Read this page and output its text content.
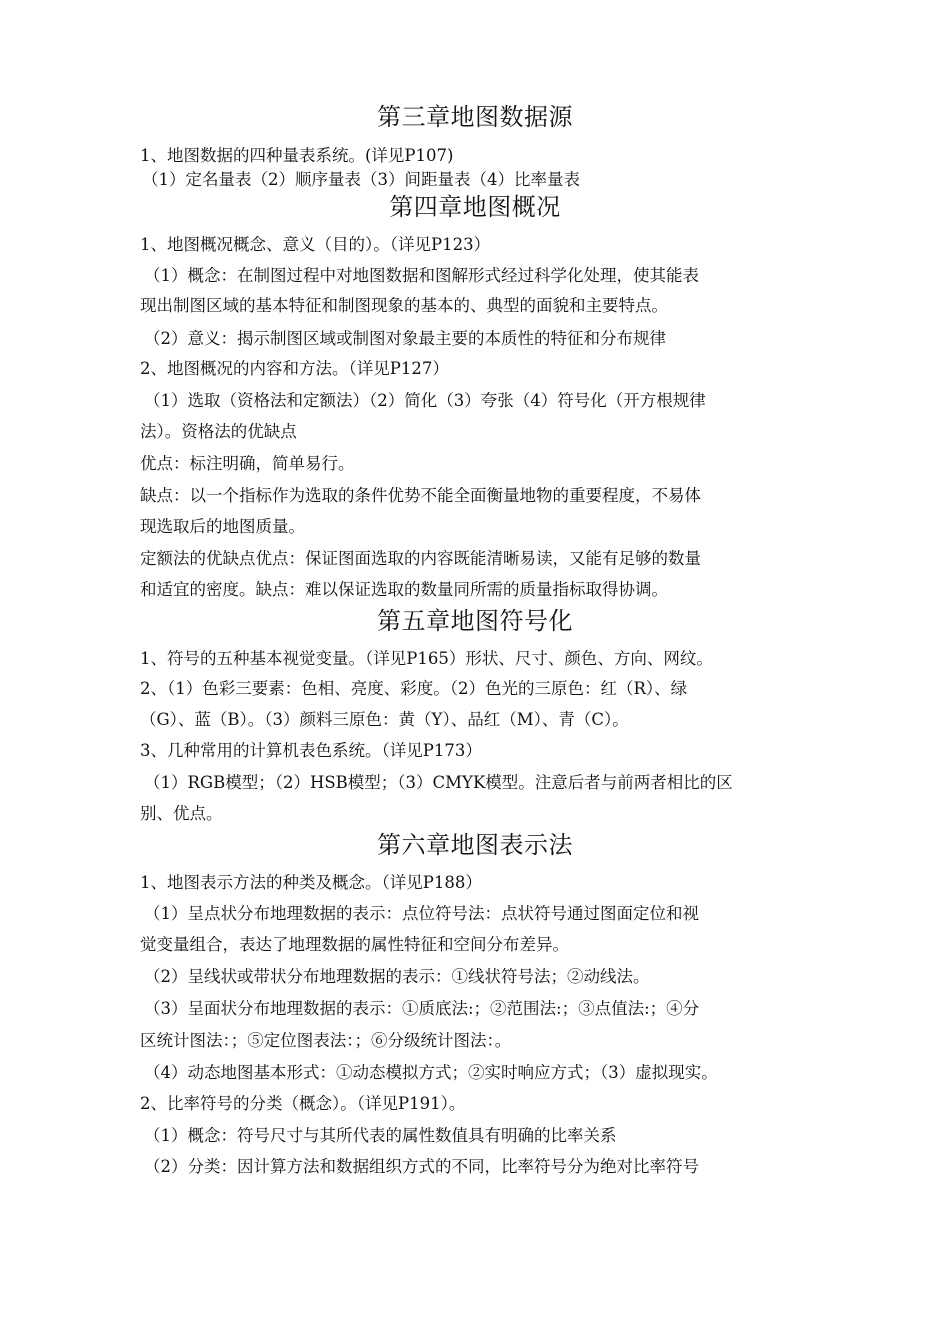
第三章地图数据源
1、地图数据的四种量表系统。(详见P107)
（1）定名量表（2）顺序量表（3）间距量表（4）比率量表
第四章地图概况
1、地图概况概念、意义（目的）。（详见P123）
（1）概念：在制图过程中对地图数据和图解形式经过科学化处理，使其能表
现出制图区域的基本特征和制图现象的基本的、典型的面貌和主要特点。
（2）意义：揭示制图区域或制图对象最主要的本质性的特征和分布规律
2、地图概况的内容和方法。（详见P127）
（1）选取（资格法和定额法）（2）简化（3）夸张（4）符号化（开方根规律
法）。资格法的优缺点
优点：标注明确，简单易行。
缺点：以一个指标作为选取的条件优势不能全面衡量地物的重要程度，不易体
现选取后的地图质量。
定额法的优缺点优点：保证图面选取的内容既能清晰易读，又能有足够的数量
和适宜的密度。缺点：难以保证选取的数量同所需的质量指标取得协调。
第五章地图符号化
1、符号的五种基本视觉变量。（详见P165）形状、尺寸、颜色、方向、网纹。
2、（1）色彩三要素：色相、亮度、彩度。（2）色光的三原色：红（R）、绿
（G）、蓝（B）。（3）颜料三原色：黄（Y）、品红（M）、青（C）。
3、几种常用的计算机表色系统。（详见P173）
（1）RGB模型；（2）HSB模型；（3）CMYK模型。注意后者与前两者相比的区
别、优点。
第六章地图表示法
1、地图表示方法的种类及概念。（详见P188）
（1）呈点状分布地理数据的表示：点位符号法：点状符号通过图面定位和视
觉变量组合，表达了地理数据的属性特征和空间分布差异。
（2）呈线状或带状分布地理数据的表示：①线状符号法；②动线法。
（3）呈面状分布地理数据的表示：①质底法:；②范围法:；③点值法:；④分
区统计图法：；⑤定位图表法：；⑥分级统计图法：。
（4）动态地图基本形式：①动态模拟方式；②实时响应方式；（3）虚拟现实。
2、比率符号的分类（概念）。（详见P191）。
（1）概念：符号尺寸与其所代表的属性数值具有明确的比率关系
（2）分类：因计算方法和数据组织方式的不同，比率符号分为绝对比率符号
